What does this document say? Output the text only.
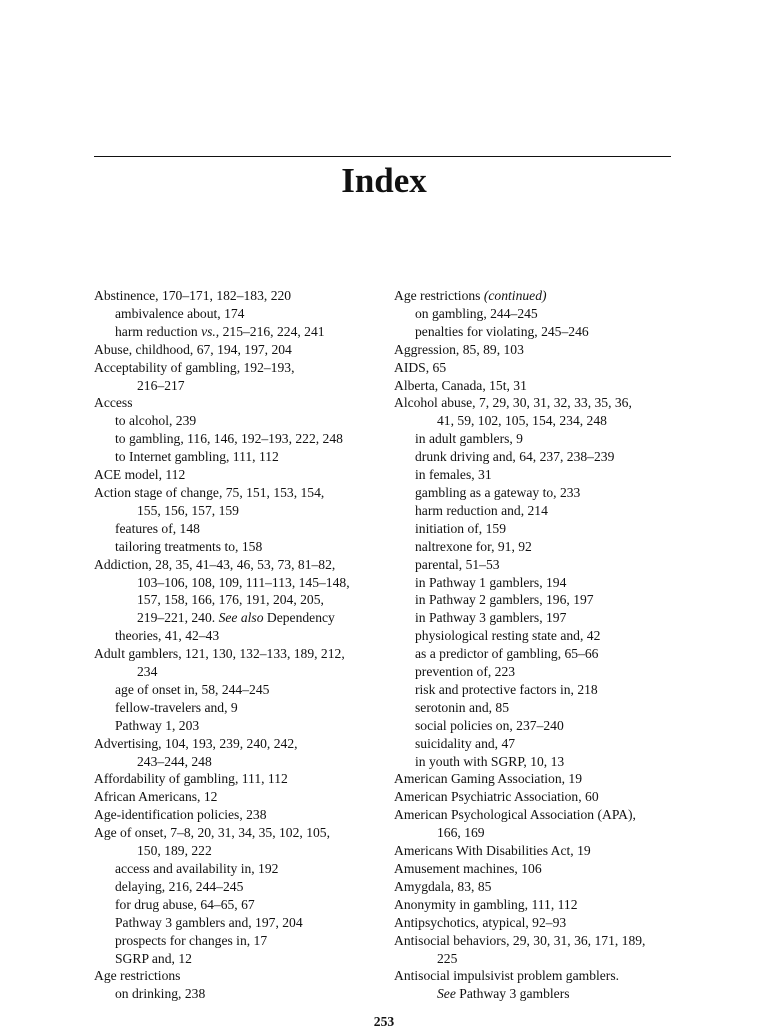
Index
Abstinence, 170–171, 182–183, 220
ambivalence about, 174
harm reduction vs., 215–216, 224, 241
Abuse, childhood, 67, 194, 197, 204
Acceptability of gambling, 192–193,
216–217
Access
to alcohol, 239
to gambling, 116, 146, 192–193, 222, 248
to Internet gambling, 111, 112
ACE model, 112
Action stage of change, 75, 151, 153, 154,
155, 156, 157, 159
features of, 148
tailoring treatments to, 158
Addiction, 28, 35, 41–43, 46, 53, 73, 81–82,
103–106, 108, 109, 111–113, 145–148,
157, 158, 166, 176, 191, 204, 205,
219–221, 240. See also Dependency
theories, 41, 42–43
Adult gamblers, 121, 130, 132–133, 189, 212,
234
age of onset in, 58, 244–245
fellow-travelers and, 9
Pathway 1, 203
Advertising, 104, 193, 239, 240, 242,
243–244, 248
Affordability of gambling, 111, 112
African Americans, 12
Age-identification policies, 238
Age of onset, 7–8, 20, 31, 34, 35, 102, 105,
150, 189, 222
access and availability in, 192
delaying, 216, 244–245
for drug abuse, 64–65, 67
Pathway 3 gamblers and, 197, 204
prospects for changes in, 17
SGRP and, 12
Age restrictions
on drinking, 238
Age restrictions (continued)
on gambling, 244–245
penalties for violating, 245–246
Aggression, 85, 89, 103
AIDS, 65
Alberta, Canada, 15t, 31
Alcohol abuse, 7, 29, 30, 31, 32, 33, 35, 36,
41, 59, 102, 105, 154, 234, 248
in adult gamblers, 9
drunk driving and, 64, 237, 238–239
in females, 31
gambling as a gateway to, 233
harm reduction and, 214
initiation of, 159
naltrexone for, 91, 92
parental, 51–53
in Pathway 1 gamblers, 194
in Pathway 2 gamblers, 196, 197
in Pathway 3 gamblers, 197
physiological resting state and, 42
as a predictor of gambling, 65–66
prevention of, 223
risk and protective factors in, 218
serotonin and, 85
social policies on, 237–240
suicidality and, 47
in youth with SGRP, 10, 13
American Gaming Association, 19
American Psychiatric Association, 60
American Psychological Association (APA),
166, 169
Americans With Disabilities Act, 19
Amusement machines, 106
Amygdala, 83, 85
Anonymity in gambling, 111, 112
Antipsychotics, atypical, 92–93
Antisocial behaviors, 29, 30, 31, 36, 171, 189,
225
Antisocial impulsivist problem gamblers.
See Pathway 3 gamblers
253
